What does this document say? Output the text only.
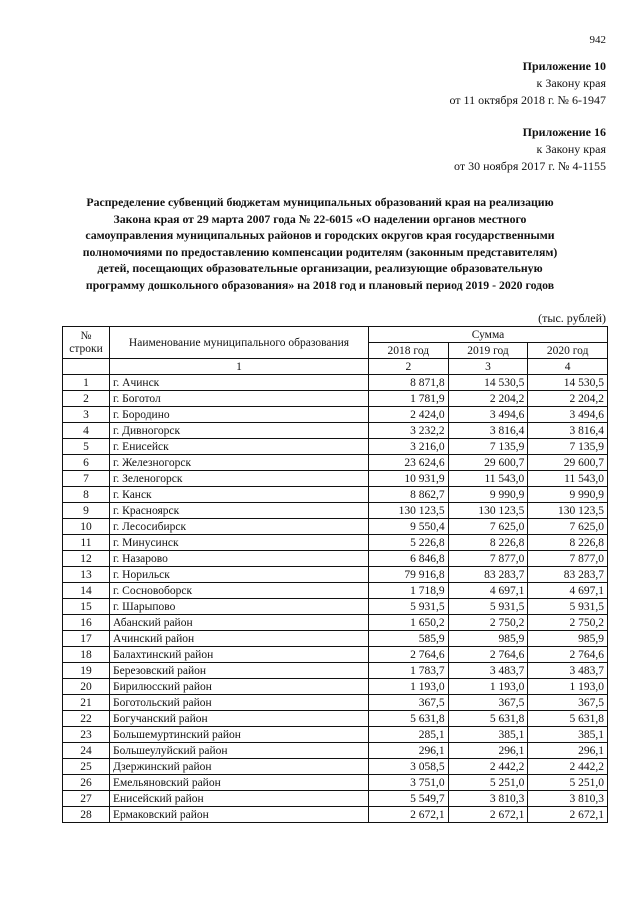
942
Приложение 10
к Закону края
от 11 октября 2018 г. № 6-1947
Приложение 16
к Закону края
от 30 ноября 2017 г. № 4-1155
Распределение субвенций бюджетам муниципальных образований края на реализацию
Закона края от 29 марта 2007 года № 22-6015 «О наделении органов местного
самоуправления муниципальных районов и городских округов края государственными
полномочиями по предоставлению компенсации родителям (законным представителям)
детей, посещающих образовательные организации, реализующие образовательную
программу дошкольного образования» на 2018 год и плановый период 2019 - 2020 годов
(тыс. рублей)
№
строки	Наименование муниципального образования	Сумма		
		2018 год	2019 год	2020 год
	1	2	3	4
1	г. Ачинск	8 871,8	14 530,5	14 530,5
2	г. Боготол	1 781,9	2 204,2	2 204,2
3	г. Бородино	2 424,0	3 494,6	3 494,6
4	г. Дивногорск	3 232,2	3 816,4	3 816,4
5	г. Енисейск	3 216,0	7 135,9	7 135,9
6	г. Железногорск	23 624,6	29 600,7	29 600,7
7	г. Зеленогорск	10 931,9	11 543,0	11 543,0
8	г. Канск	8 862,7	9 990,9	9 990,9
9	г. Красноярск	130 123,5	130 123,5	130 123,5
10	г. Лесосибирск	9 550,4	7 625,0	7 625,0
11	г. Минусинск	5 226,8	8 226,8	8 226,8
12	г. Назарово	6 846,8	7 877,0	7 877,0
13	г. Норильск	79 916,8	83 283,7	83 283,7
14	г. Сосновоборск	1 718,9	4 697,1	4 697,1
15	г. Шарыпово	5 931,5	5 931,5	5 931,5
16	Абанский район	1 650,2	2 750,2	2 750,2
17	Ачинский район	585,9	985,9	985,9
18	Балахтинский район	2 764,6	2 764,6	2 764,6
19	Березовский район	1 783,7	3 483,7	3 483,7
20	Бирилюсский район	1 193,0	1 193,0	1 193,0
21	Боготольский район	367,5	367,5	367,5
22	Богучанский район	5 631,8	5 631,8	5 631,8
23	Большемуртинский район	285,1	385,1	385,1
24	Большеулуйский район	296,1	296,1	296,1
25	Дзержинский район	3 058,5	2 442,2	2 442,2
26	Емельяновский район	3 751,0	5 251,0	5 251,0
27	Енисейский район	5 549,7	3 810,3	3 810,3
28	Ермаковский район	2 672,1	2 672,1	2 672,1
